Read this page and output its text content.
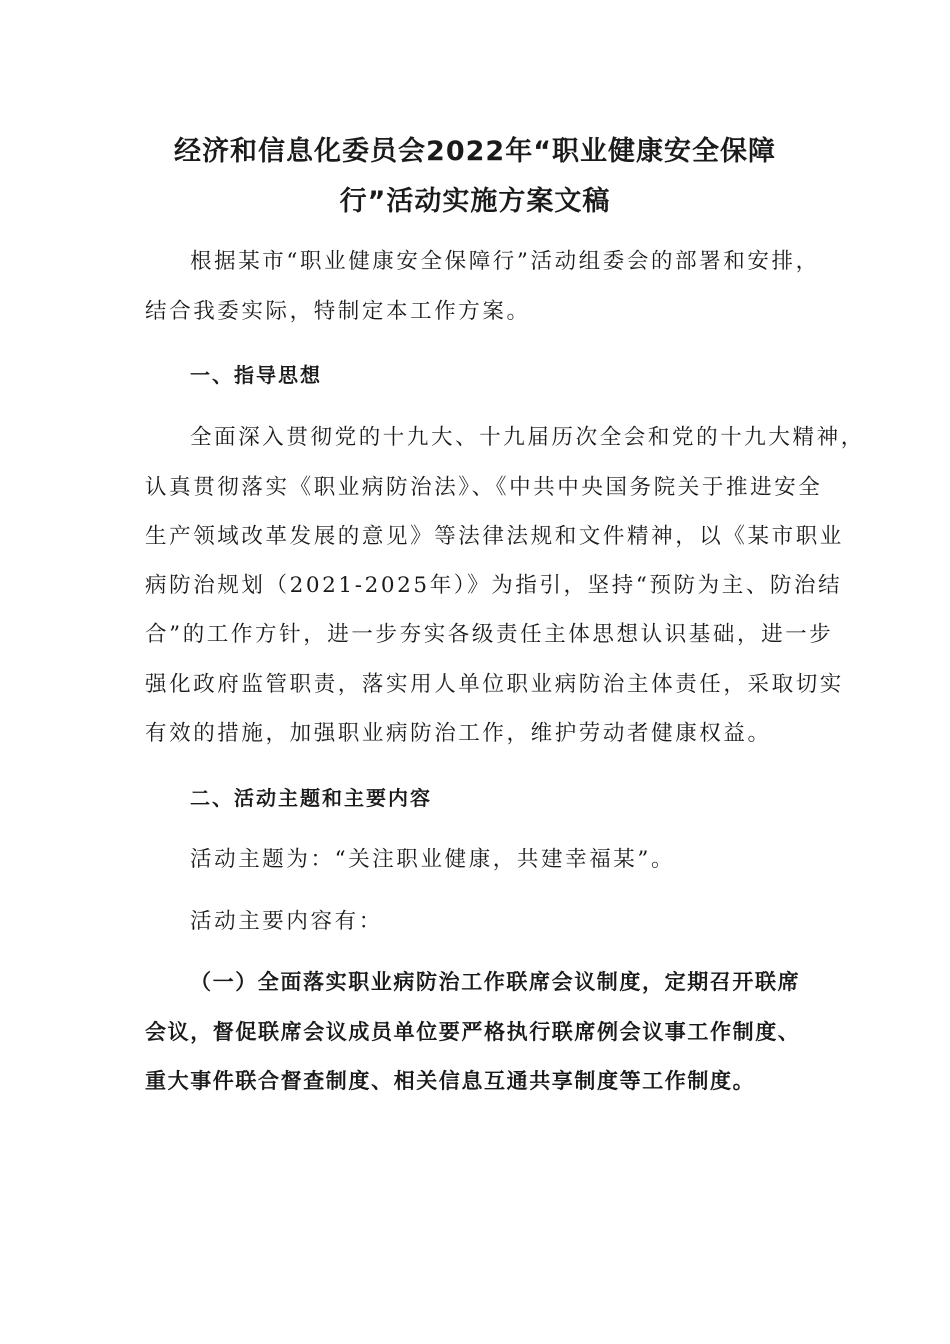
经济和信息化委员会2022年“职业健康安全保障
行”活动实施方案文稿
根据某市“职业健康安全保障行”活动组委会的部署和安排，
结合我委实际，特制定本工作方案。
一、指导思想
全面深入贯彻党的十九大、十九届历次全会和党的十九大精神，
认真贯彻落实《职业病防治法》、《中共中央国务院关于推进安全
生产领域改革发展的意见》等法律法规和文件精神，以《某市职业
病防治规划（2021-2025年）》为指引，坚持“预防为主、防治结
合”的工作方针，进一步夯实各级责任主体思想认识基础，进一步
强化政府监管职责，落实用人单位职业病防治主体责任，采取切实
有效的措施，加强职业病防治工作，维护劳动者健康权益。
二、活动主题和主要内容
活动主题为：“关注职业健康，共建幸福某”。
活动主要内容有：
（一）全面落实职业病防治工作联席会议制度，定期召开联席
会议，督促联席会议成员单位要严格执行联席例会议事工作制度、
重大事件联合督查制度、相关信息互通共享制度等工作制度。
